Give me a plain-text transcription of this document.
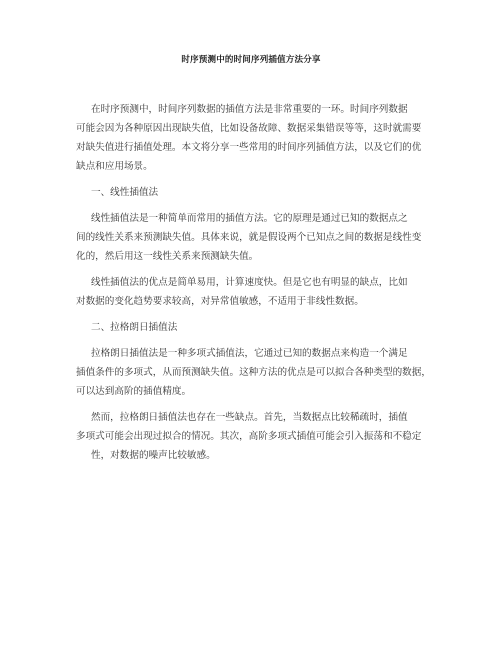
时序预测中的时间序列插值方法分享
在时序预测中，时间序列数据的插值方法是非常重要的一环。时间序列数据
可能会因为各种原因出现缺失值，比如设备故障、数据采集错误等等，这时就需要
对缺失值进行插值处理。本文将分享一些常用的时间序列插值方法，以及它们的优
缺点和应用场景。
一、线性插值法
线性插值法是一种简单而常用的插值方法。它的原理是通过已知的数据点之
间的线性关系来预测缺失值。具体来说，就是假设两个已知点之间的数据是线性变
化的，然后用这一线性关系来预测缺失值。
线性插值法的优点是简单易用，计算速度快。但是它也有明显的缺点，比如
对数据的变化趋势要求较高，对异常值敏感，不适用于非线性数据。
二、拉格朗日插值法
拉格朗日插值法是一种多项式插值法，它通过已知的数据点来构造一个满足
插值条件的多项式，从而预测缺失值。这种方法的优点是可以拟合各种类型的数据，
可以达到高阶的插值精度。
然而，拉格朗日插值法也存在一些缺点。首先，当数据点比较稀疏时，插值
多项式可能会出现过拟合的情况。其次，高阶多项式插值可能会引入振荡和不稳定
性，对数据的噪声比较敏感。
